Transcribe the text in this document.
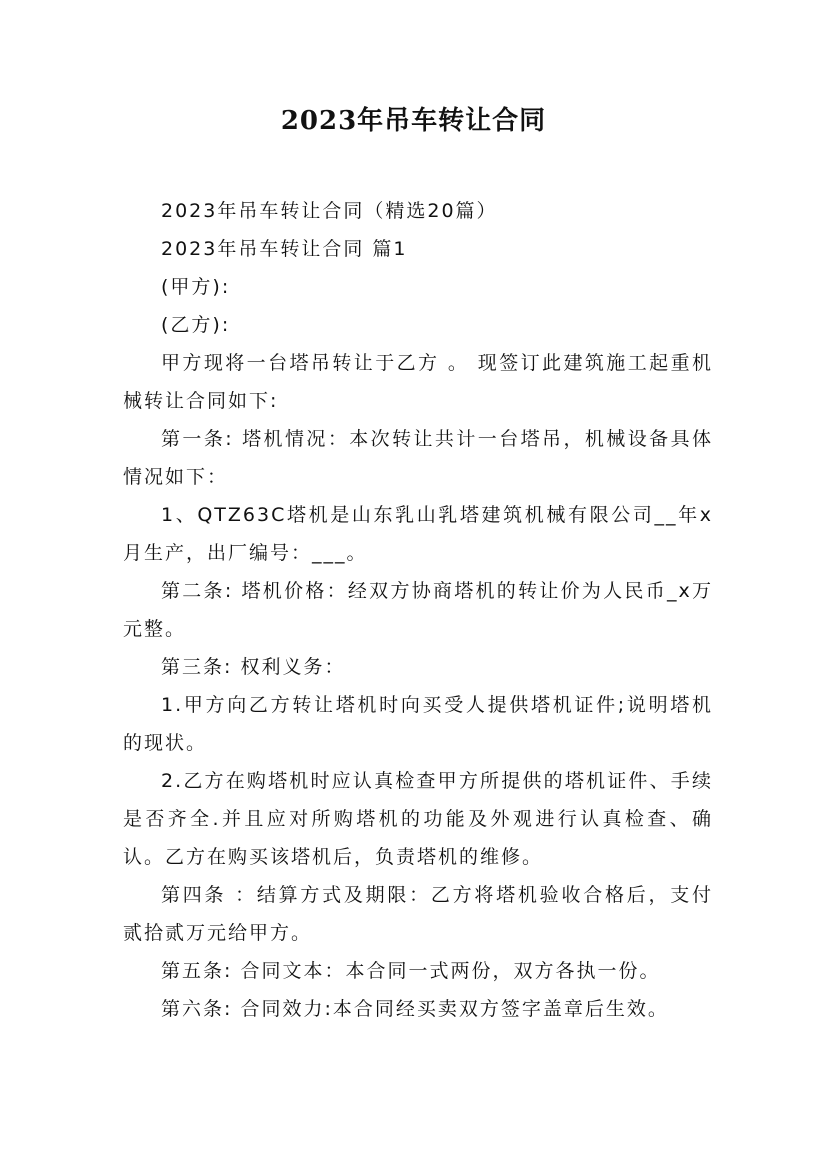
2023年吊车转让合同

2023年吊车转让合同（精选20篇）

2023年吊车转让合同 篇1

(甲方):

(乙方):

甲方现将一台塔吊转让于乙方 。 现签订此建筑施工起重机械转让合同如下:

第一条: 塔机情况：本次转让共计一台塔吊，机械设备具体情况如下：

1、QTZ63C塔机是山东乳山乳塔建筑机械有限公司__年x月生产，出厂编号：___。

第二条: 塔机价格：经双方协商塔机的转让价为人民币_x万元整。

第三条: 权利义务：

1.甲方向乙方转让塔机时向买受人提供塔机证件;说明塔机的现状。

2.乙方在购塔机时应认真检查甲方所提供的塔机证件、手续是否齐全.并且应对所购塔机的功能及外观进行认真检查、确认。乙方在购买该塔机后，负责塔机的维修。

第四条 ：结算方式及期限：乙方将塔机验收合格后，支付贰拾贰万元给甲方。

第五条: 合同文本：本合同一式两份，双方各执一份。

第六条: 合同效力:本合同经买卖双方签字盖章后生效。
